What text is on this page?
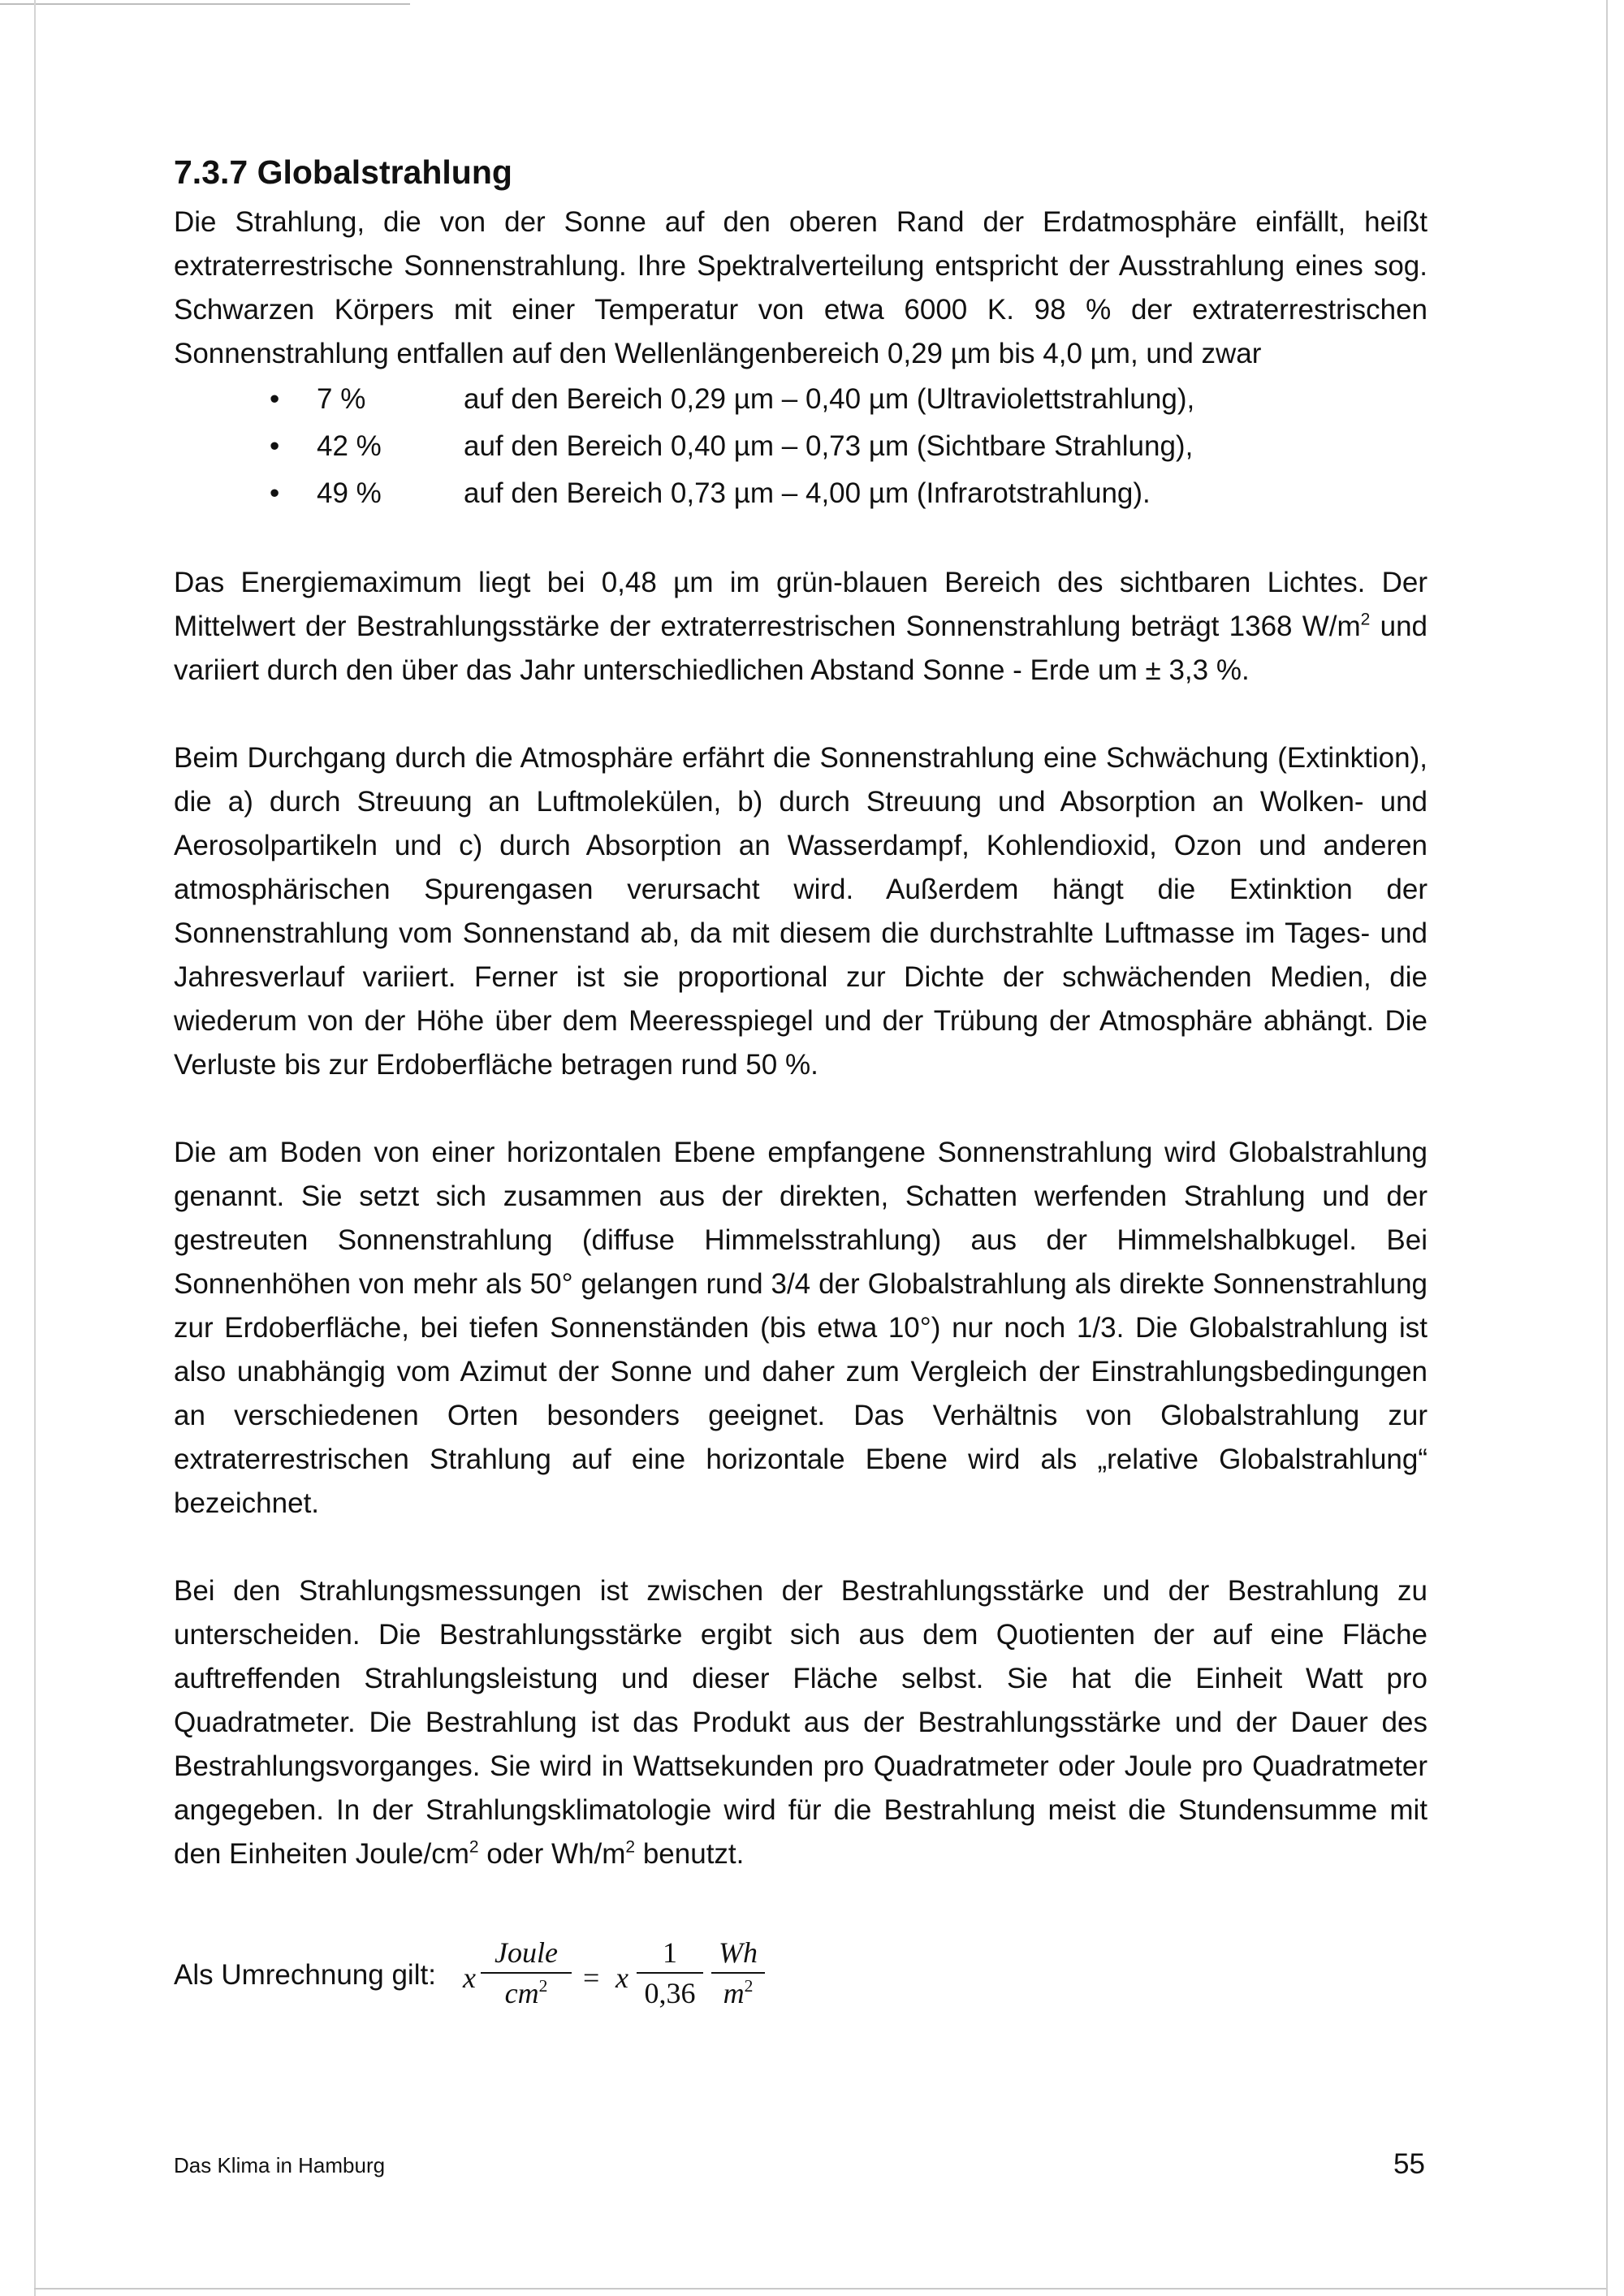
7.3.7 Globalstrahlung

Die Strahlung, die von der Sonne auf den oberen Rand der Erdatmosphäre einfällt, heißt extraterrestrische Sonnenstrahlung. Ihre Spektralverteilung entspricht der Ausstrahlung eines sog. Schwarzen Körpers mit einer Temperatur von etwa 6000 K. 98 % der extraterrestrischen Sonnenstrahlung entfallen auf den Wellenlängenbereich 0,29 µm bis 4,0 µm, und zwar

• 7 %	auf den Bereich 0,29 µm – 0,40 µm (Ultraviolettstrahlung),
• 42 %	auf den Bereich 0,40 µm – 0,73 µm (Sichtbare Strahlung),
• 49 %	auf den Bereich 0,73 µm – 4,00 µm (Infrarotstrahlung).

Das Energiemaximum liegt bei 0,48 µm im grün-blauen Bereich des sichtbaren Lichtes. Der Mittelwert der Bestrahlungsstärke der extraterrestrischen Sonnenstrahlung beträgt 1368 $W/m^2$ und variiert durch den über das Jahr unterschiedlichen Abstand Sonne - Erde um ± 3,3 %.

Beim Durchgang durch die Atmosphäre erfährt die Sonnenstrahlung eine Schwächung (Extinktion), die a) durch Streuung an Luftmolekülen, b) durch Streuung und Absorption an Wolken- und Aerosolpartikeln und c) durch Absorption an Wasserdampf, Kohlendioxid, Ozon und anderen atmosphärischen Spurengasen verursacht wird. Außerdem hängt die Extinktion der Sonnenstrahlung vom Sonnenstand ab, da mit diesem die durchstrahlte Luftmasse im Tages- und Jahresverlauf variiert. Ferner ist sie proportional zur Dichte der schwächenden Medien, die wiederum von der Höhe über dem Meeresspiegel und der Trübung der Atmosphäre abhängt. Die Verluste bis zur Erdoberfläche betragen rund 50 %.

Die am Boden von einer horizontalen Ebene empfangene Sonnenstrahlung wird Globalstrahlung genannt. Sie setzt sich zusammen aus der direkten, Schatten werfenden Strahlung und der gestreuten Sonnenstrahlung (diffuse Himmelsstrahlung) aus der Himmelshalbkugel. Bei Sonnenhöhen von mehr als 50° gelangen rund 3/4 der Globalstrahlung als direkte Sonnenstrahlung zur Erdoberfläche, bei tiefen Sonnenständen (bis etwa 10°) nur noch 1/3. Die Globalstrahlung ist also unabhängig vom Azimut der Sonne und daher zum Vergleich der Einstrahlungsbedingungen an verschiedenen Orten besonders geeignet. Das Verhältnis von Globalstrahlung zur extraterrestrischen Strahlung auf eine horizontale Ebene wird als „relative Globalstrahlung“ bezeichnet.

Bei den Strahlungsmessungen ist zwischen der Bestrahlungsstärke und der Bestrahlung zu unterscheiden. Die Bestrahlungsstärke ergibt sich aus dem Quotienten der auf eine Fläche auftreffenden Strahlungsleistung und dieser Fläche selbst. Sie hat die Einheit Watt pro Quadratmeter. Die Bestrahlung ist das Produkt aus der Bestrahlungsstärke und der Dauer des Bestrahlungsvorganges. Sie wird in Wattsekunden pro Quadratmeter oder Joule pro Quadratmeter angegeben. In der Strahlungsklimatologie wird für die Bestrahlung meist die Stundensumme mit den Einheiten Joule/$cm^2$ oder $Wh/m^2$ benutzt.

Als Umrechnung gilt: x
Joule
$cm^2$	= x
1
0,36
Wh
$m^2$
Das Klima in Hamburg	55
